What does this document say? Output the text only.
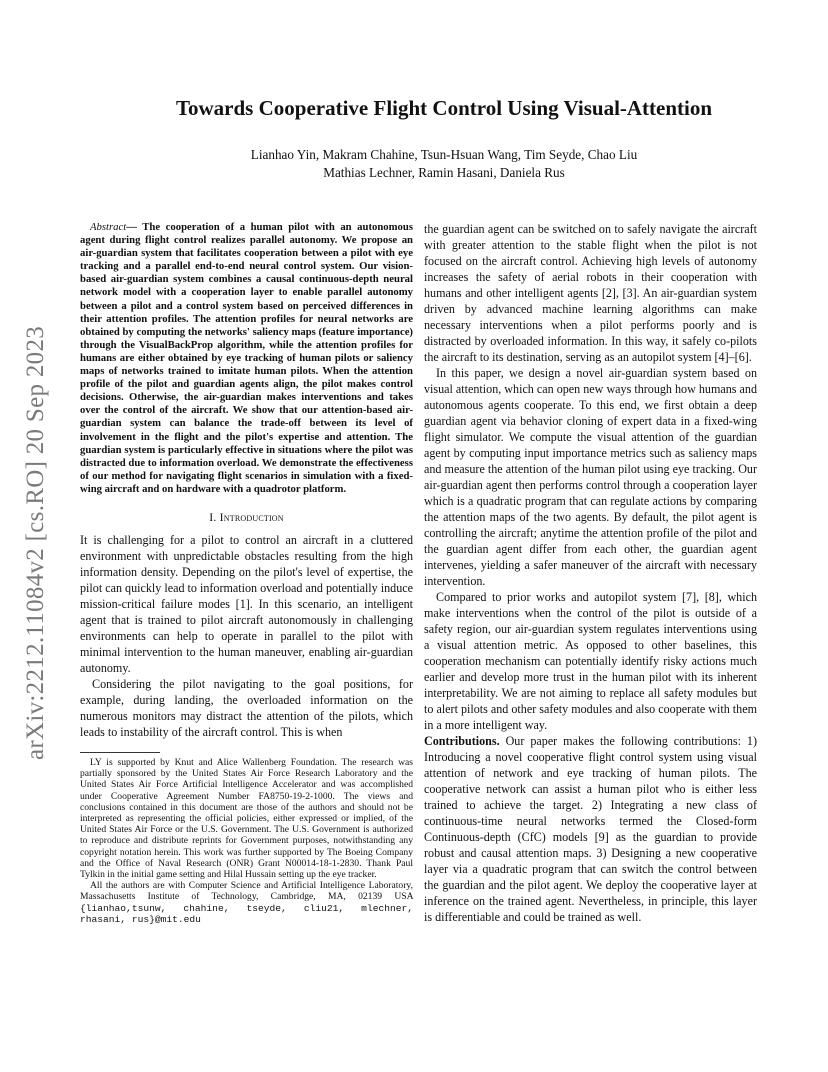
arXiv:2212.11084v2 [cs.RO] 20 Sep 2023
Towards Cooperative Flight Control Using Visual-Attention
Lianhao Yin, Makram Chahine, Tsun-Hsuan Wang, Tim Seyde, Chao Liu
Mathias Lechner, Ramin Hasani, Daniela Rus

Abstract— The cooperation of a human pilot with an autonomous agent during flight control realizes parallel autonomy. We propose an air-guardian system that facilitates cooperation between a pilot with eye tracking and a parallel end-to-end neural control system. Our vision-based air-guardian system combines a causal continuous-depth neural network model with a cooperation layer to enable parallel autonomy between a pilot and a control system based on perceived differences in their attention profiles. The attention profiles for neural networks are obtained by computing the networks' saliency maps (feature importance) through the VisualBackProp algorithm, while the attention profiles for humans are either obtained by eye tracking of human pilots or saliency maps of networks trained to imitate human pilots. When the attention profile of the pilot and guardian agents align, the pilot makes control decisions. Otherwise, the air-guardian makes interventions and takes over the control of the aircraft. We show that our attention-based air-guardian system can balance the trade-off between its level of involvement in the flight and the pilot's expertise and attention. The guardian system is particularly effective in situations where the pilot was distracted due to information overload. We demonstrate the effectiveness of our method for navigating flight scenarios in simulation with a fixed-wing aircraft and on hardware with a quadrotor platform.

I. Introduction

It is challenging for a pilot to control an aircraft in a cluttered environment with unpredictable obstacles resulting from the high information density. Depending on the pilot's level of expertise, the pilot can quickly lead to information overload and potentially induce mission-critical failure modes [1]. In this scenario, an intelligent agent that is trained to pilot aircraft autonomously in challenging environments can help to operate in parallel to the pilot with minimal intervention to the human maneuver, enabling air-guardian autonomy.

Considering the pilot navigating to the goal positions, for example, during landing, the overloaded information on the numerous monitors may distract the attention of the pilots, which leads to instability of the aircraft control. This is when

LY is supported by Knut and Alice Wallenberg Foundation. The research was partially sponsored by the United States Air Force Research Laboratory and the United States Air Force Artificial Intelligence Accelerator and was accomplished under Cooperative Agreement Number FA8750-19-2-1000. The views and conclusions contained in this document are those of the authors and should not be interpreted as representing the official policies, either expressed or implied, of the United States Air Force or the U.S. Government. The U.S. Government is authorized to reproduce and distribute reprints for Government purposes, notwithstanding any copyright notation herein. This work was further supported by The Boeing Company and the Office of Naval Research (ONR) Grant N00014-18-1-2830. Thank Paul Tylkin in the initial game setting and Hilal Hussain setting up the eye tracker.

All the authors are with Computer Science and Artificial Intelligence Laboratory, Massachusetts Institute of Technology, Cambridge, MA, 02139 USA {lianhao,tsunw, chahine, tseyde, cliu21, mlechner, rhasani, rus}@mit.edu

the guardian agent can be switched on to safely navigate the aircraft with greater attention to the stable flight when the pilot is not focused on the aircraft control. Achieving high levels of autonomy increases the safety of aerial robots in their cooperation with humans and other intelligent agents [2], [3]. An air-guardian system driven by advanced machine learning algorithms can make necessary interventions when a pilot performs poorly and is distracted by overloaded information. In this way, it safely co-pilots the aircraft to its destination, serving as an autopilot system [4]–[6].

In this paper, we design a novel air-guardian system based on visual attention, which can open new ways through how humans and autonomous agents cooperate. To this end, we first obtain a deep guardian agent via behavior cloning of expert data in a fixed-wing flight simulator. We compute the visual attention of the guardian agent by computing input importance metrics such as saliency maps and measure the attention of the human pilot using eye tracking. Our air-guardian agent then performs control through a cooperation layer which is a quadratic program that can regulate actions by comparing the attention maps of the two agents. By default, the pilot agent is controlling the aircraft; anytime the attention profile of the pilot and the guardian agent differ from each other, the guardian agent intervenes, yielding a safer maneuver of the aircraft with necessary intervention.

Compared to prior works and autopilot system [7], [8], which make interventions when the control of the pilot is outside of a safety region, our air-guardian system regulates interventions using a visual attention metric. As opposed to other baselines, this cooperation mechanism can potentially identify risky actions much earlier and develop more trust in the human pilot with its inherent interpretability. We are not aiming to replace all safety modules but to alert pilots and other safety modules and also cooperate with them in a more intelligent way.

Contributions. Our paper makes the following contributions: 1) Introducing a novel cooperative flight control system using visual attention of network and eye tracking of human pilots. The cooperative network can assist a human pilot who is either less trained to achieve the target. 2) Integrating a new class of continuous-time neural networks termed the Closed-form Continuous-depth (CfC) models [9] as the guardian to provide robust and causal attention maps. 3) Designing a new cooperative layer via a quadratic program that can switch the control between the guardian and the pilot agent. We deploy the cooperative layer at inference on the trained agent. Nevertheless, in principle, this layer is differentiable and could be trained as well.
